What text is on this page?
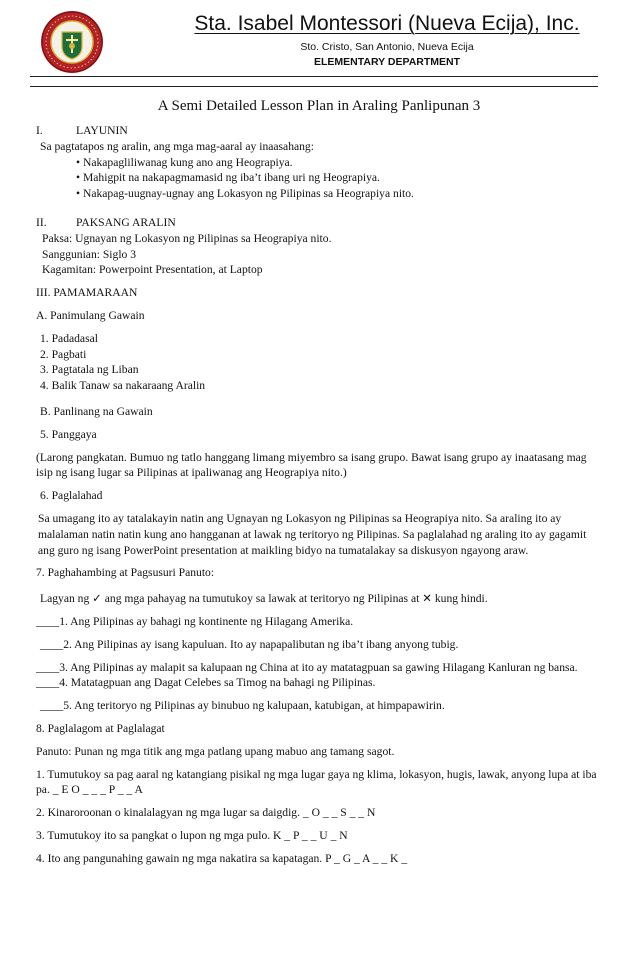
Sta. Isabel Montessori (Nueva Ecija), Inc.
Sto. Cristo, San Antonio, Nueva Ecija
ELEMENTARY DEPARTMENT
A Semi Detailed Lesson Plan in Araling Panlipunan 3
I.	LAYUNIN
Sa pagtatapos ng aralin, ang mga mag-aaral ay inaasahang:
• Nakapagliliwanag kung ano ang Heograpiya.
• Mahigpit na nakapagmamasid ng iba’t ibang uri ng Heograpiya.
• Nakapag-uugnay-ugnay ang Lokasyon ng Pilipinas sa Heograpiya nito.
II.	PAKSANG ARALIN
Paksa: Ugnayan ng Lokasyon ng Pilipinas sa Heograpiya nito.
Sanggunian: Siglo 3
Kagamitan: Powerpoint Presentation, at Laptop
III. PAMAMARAAN
A. Panimulang Gawain
1. Padadasal
2. Pagbati
3. Pagtatala ng Liban
4. Balik Tanaw sa nakaraang Aralin
B. Panlinang na Gawain
5. Panggaya

(Larong pangkatan. Bumuo ng tatlo hanggang limang miyembro sa isang grupo. Bawat isang grupo ay inaatasang mag isip ng isang lugar sa Pilipinas at ipaliwanag ang Heograpiya nito.)

6. Paglalahad

Sa umagang ito ay tatalakayin natin ang Ugnayan ng Lokasyon ng Pilipinas sa Heograpiya nito. Sa araling ito ay malalaman natin natin kung ano hangganan at lawak ng teritoryo ng Pilipinas. Sa paglalahad ng araling ito ay gagamit ang guro ng isang PowerPoint presentation at maikling bidyo na tumatalakay sa diskusyon ngayong araw.

7. Paghahambing at Pagsusuri Panuto:
Lagyan ng ✓ ang mga pahayag na tumutukoy sa lawak at teritoryo ng Pilipinas at ✕ kung hindi.
____1. Ang Pilipinas ay bahagi ng kontinente ng Hilagang Amerika.
____2. Ang Pilipinas ay isang kapuluan. Ito ay napapalibutan ng iba’t ibang anyong tubig.
____3. Ang Pilipinas ay malapit sa kalupaan ng China at ito ay matatagpuan sa gawing Hilagang Kanluran ng bansa.
____4. Matatagpuan ang Dagat Celebes sa Timog na bahagi ng Pilipinas.
____5. Ang teritoryo ng Pilipinas ay binubuo ng kalupaan, katubigan, at himpapawirin.
8. Paglalagom at Paglalagat
Panuto: Punan ng mga titik ang mga patlang upang mabuo ang tamang sagot.

1. Tumutukoy sa pag aaral ng katangiang pisikal ng mga lugar gaya ng klima, lokasyon, hugis, lawak, anyong lupa at iba pa. _ E O _ _ _ P _ _ A

2. Kinaroroonan o kinalalagyan ng mga lugar sa daigdig. _ O _ _ S _ _ N
3. Tumutukoy ito sa pangkat o lupon ng mga pulo. K _ P _ _ U _ N
4. Ito ang pangunahing gawain ng mga nakatira sa kapatagan. P _ G _ A _ _ K _
